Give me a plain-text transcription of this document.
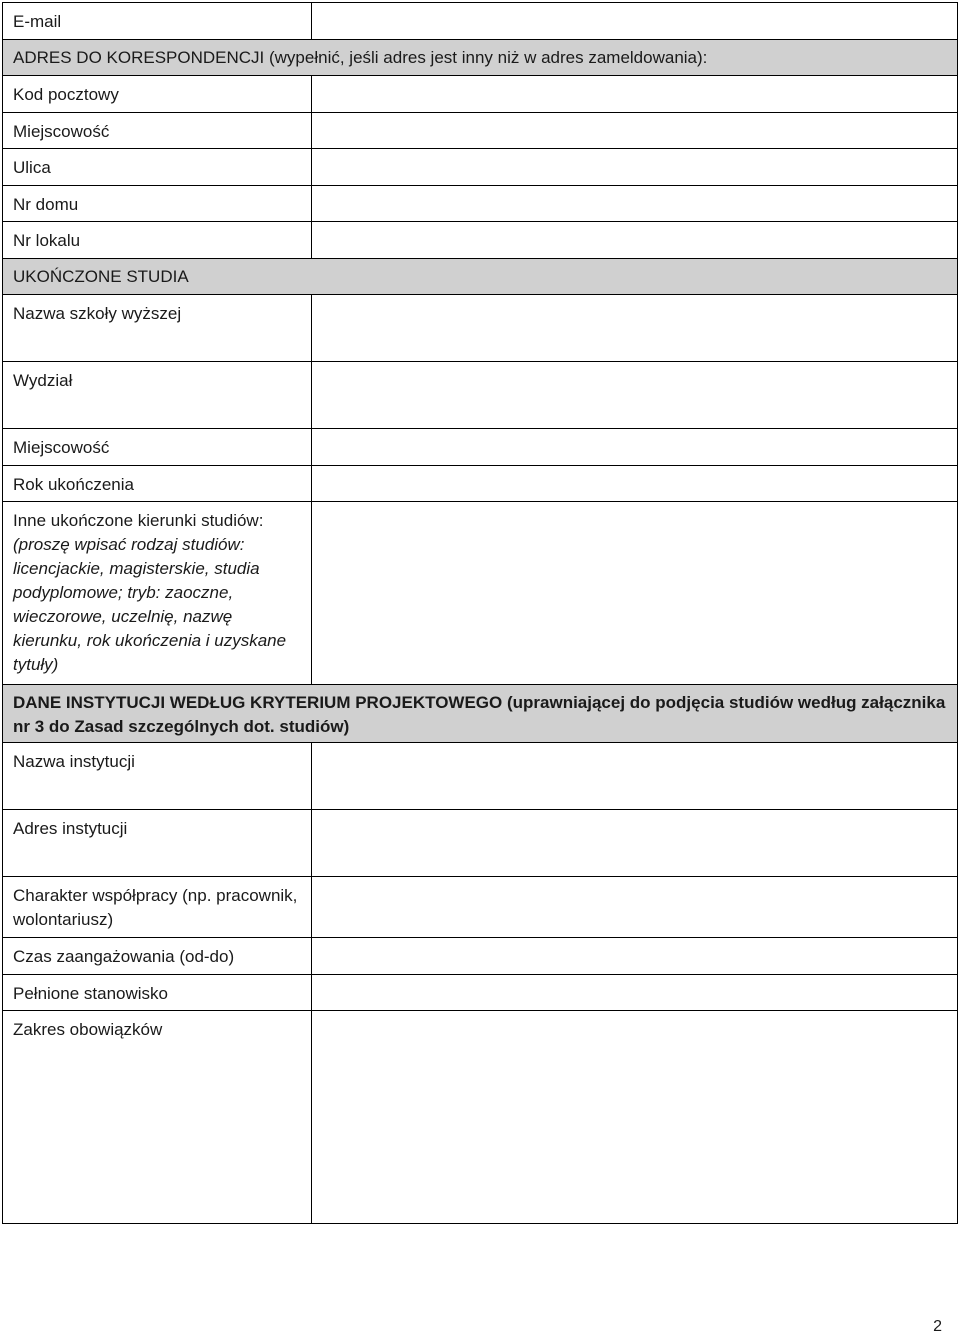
E-mail	
ADRES DO KORESPONDENCJI (wypełnić, jeśli adres jest inny niż w adres zameldowania):	
Kod pocztowy	
Miejscowość	
Ulica	
Nr domu	
Nr lokalu	
UKOŃCZONE STUDIA	
Nazwa szkoły wyższej	
Wydział	
Miejscowość	
Rok ukończenia	

Inne ukończone kierunki studiów:
(proszę wpisać rodzaj studiów: licencjackie, magisterskie, studia podyplomowe; tryb: zaoczne, wieczorowe, uczelnię, nazwę kierunku, rok ukończenia i uzyskane tytuły)	

DANE INSTYTUCJI WEDŁUG KRYTERIUM PROJEKTOWEGO (uprawniającej do podjęcia studiów według załącznika nr 3 do Zasad szczególnych dot. studiów)	
Nazwa instytucji	
Adres instytucji	
Charakter współpracy (np. pracownik, wolontariusz)	
Czas zaangażowania (od-do)	
Pełnione stanowisko	
Zakres obowiązków	
2
